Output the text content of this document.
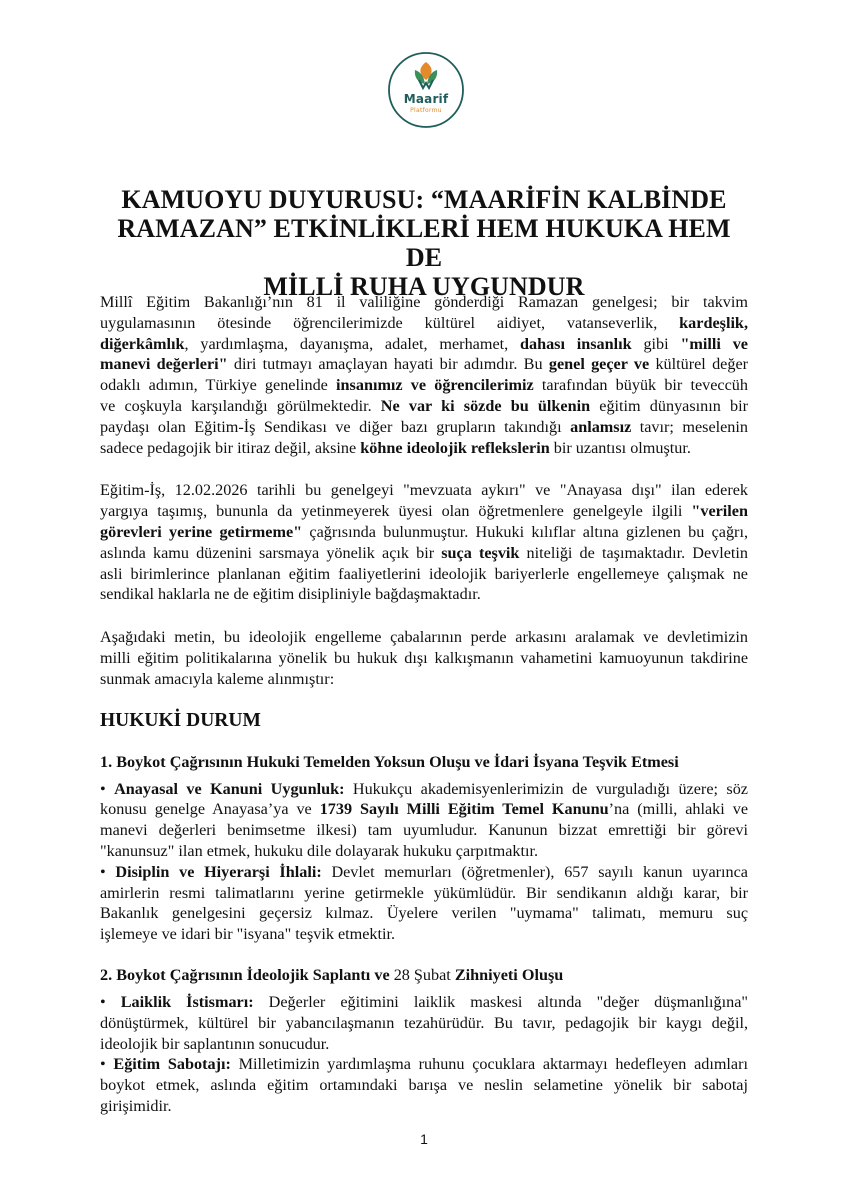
Maarif
Platformu
KAMUOYU DUYURUSU: “MAARİFİN KALBİNDE
RAMAZAN” ETKİNLİKLERİ HEM HUKUKA HEM DE
MİLLİ RUHA UYGUNDUR
Millî Eğitim Bakanlığı’nın 81 il valiliğine gönderdiği Ramazan genelgesi; bir takvim
uygulamasının ötesinde öğrencilerimizde kültürel aidiyet, vatanseverlik, kardeşlik,
diğerkâmlık, yardımlaşma, dayanışma, adalet, merhamet, dahası insanlık gibi "milli ve
manevi değerleri" diri tutmayı amaçlayan hayati bir adımdır. Bu genel geçer ve kültürel değer
odaklı adımın, Türkiye genelinde insanımız ve öğrencilerimiz tarafından büyük bir teveccüh
ve coşkuyla karşılandığı görülmektedir. Ne var ki sözde bu ülkenin eğitim dünyasının bir
paydaşı olan Eğitim-İş Sendikası ve diğer bazı grupların takındığı anlamsız tavır; meselenin
sadece pedagojik bir itiraz değil, aksine köhne ideolojik reflekslerin bir uzantısı olmuştur.
Eğitim-İş, 12.02.2026 tarihli bu genelgeyi "mevzuata aykırı" ve "Anayasa dışı" ilan ederek
yargıya taşımış, bununla da yetinmeyerek üyesi olan öğretmenlere genelgeyle ilgili "verilen
görevleri yerine getirmeme" çağrısında bulunmuştur. Hukuki kılıflar altına gizlenen bu çağrı,
aslında kamu düzenini sarsmaya yönelik açık bir suça teşvik niteliği de taşımaktadır. Devletin
asli birimlerince planlanan eğitim faaliyetlerini ideolojik bariyerlerle engellemeye çalışmak ne
sendikal haklarla ne de eğitim disipliniyle bağdaşmaktadır.
Aşağıdaki metin, bu ideolojik engelleme çabalarının perde arkasını aralamak ve devletimizin
milli eğitim politikalarına yönelik bu hukuk dışı kalkışmanın vahametini kamuoyunun takdirine
sunmak amacıyla kaleme alınmıştır:
HUKUKİ DURUM
1. Boykot Çağrısının Hukuki Temelden Yoksun Oluşu ve İdari İsyana Teşvik Etmesi
• Anayasal ve Kanuni Uygunluk: Hukukçu akademisyenlerimizin de vurguladığı üzere; söz
konusu genelge Anayasa’ya ve 1739 Sayılı Milli Eğitim Temel Kanunu’na (milli, ahlaki ve
manevi değerleri benimsetme ilkesi) tam uyumludur. Kanunun bizzat emrettiği bir görevi
"kanunsuz" ilan etmek, hukuku dile dolayarak hukuku çarpıtmaktır.
• Disiplin ve Hiyerarşi İhlali: Devlet memurları (öğretmenler), 657 sayılı kanun uyarınca
amirlerin resmi talimatlarını yerine getirmekle yükümlüdür. Bir sendikanın aldığı karar, bir
Bakanlık genelgesini geçersiz kılmaz. Üyelere verilen "uymama" talimatı, memuru suç
işlemeye ve idari bir "isyana" teşvik etmektir.
2. Boykot Çağrısının İdeolojik Saplantı ve 28 Şubat Zihniyeti Oluşu
• Laiklik İstismarı: Değerler eğitimini laiklik maskesi altında "değer düşmanlığına"
dönüştürmek, kültürel bir yabancılaşmanın tezahürüdür. Bu tavır, pedagojik bir kaygı değil,
ideolojik bir saplantının sonucudur.
• Eğitim Sabotajı: Milletimizin yardımlaşma ruhunu çocuklara aktarmayı hedefleyen adımları
boykot etmek, aslında eğitim ortamındaki barışa ve neslin selametine yönelik bir sabotaj
girişimidir.
1
